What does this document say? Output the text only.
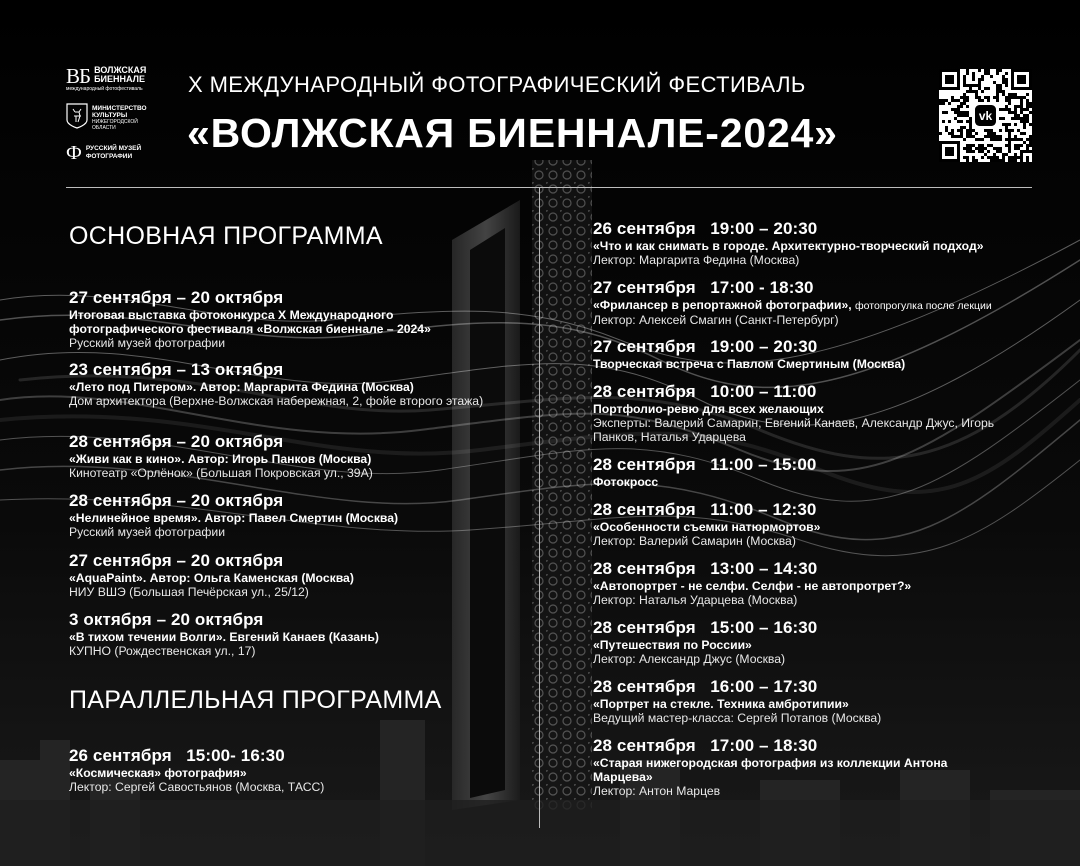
ВБ ВОЛЖСКАЯ
БИЕННАЛЕ
международный фотофестиваль
МИНИСТЕРСТВО
КУЛЬТУРЫ
НИЖЕГОРОДСКОЙ
ОБЛАСТИ
Ф РУССКИЙ МУЗЕЙ
ФОТОГРАФИИ
X МЕЖДУНАРОДНЫЙ ФОТОГРАФИЧЕСКИЙ ФЕСТИВАЛЬ
«ВОЛЖСКАЯ БИЕННАЛЕ-2024»	vk
ОСНОВНАЯ ПРОГРАММА
27 сентября – 20 октября
Итоговая выставка фотоконкурса X Международного фотографического фестиваля «Волжская биеннале – 2024»
Русский музей фотографии
23 сентября – 13 октября
«Лето под Питером». Автор: Маргарита Федина (Москва)
Дом архитектора (Верхне-Волжская набережная, 2, фойе второго этажа)
28 сентября – 20 октября
«Живи как в кино». Автор: Игорь Панков (Москва)
Кинотеатр «Орлёнок» (Большая Покровская ул., 39А)
28 сентября – 20 октября
«Нелинейное время». Автор: Павел Смертин (Москва)
Русский музей фотографии
27 сентября – 20 октября
«AquaPaint». Автор: Ольга Каменская (Москва)
НИУ ВШЭ (Большая Печёрская ул., 25/12)
3 октября – 20 октября
«В тихом течении Волги». Евгений Канаев (Казань)
КУПНО (Рождественская ул., 17)
ПАРАЛЛЕЛЬНАЯ ПРОГРАММА
26 сентября   15:00- 16:30
«Космическая» фотография»
Лектор: Сергей Савостьянов (Москва, ТАСС)
26 сентября   19:00 – 20:30
«Что и как снимать в городе. Архитектурно-творческий подход»
Лектор: Маргарита Федина (Москва)
27 сентября   17:00 - 18:30
«Фрилансер в репортажной фотографии», фотопрогулка после лекции
Лектор: Алексей Смагин (Санкт-Петербург)
27 сентября   19:00 – 20:30
Творческая встреча с Павлом Смертиным (Москва)
28 сентября   10:00 – 11:00
Портфолио-ревю для всех желающих
Эксперты: Валерий Самарин, Евгений Канаев, Александр Джус, Игорь Панков, Наталья Ударцева
28 сентября   11:00 – 15:00
Фотокросс
28 сентября   11:00 – 12:30
«Особенности съемки натюрмортов»
Лектор: Валерий Самарин (Москва)
28 сентября   13:00 – 14:30
«Автопортрет - не селфи. Селфи - не автопротрет?»
Лектор: Наталья Ударцева (Москва)
28 сентября   15:00 – 16:30
«Путешествия по России»
Лектор: Александр Джус (Москва)
28 сентября   16:00 – 17:30
«Портрет на стекле. Техника амбротипии»
Ведущий мастер-класса: Сергей Потапов (Москва)
28 сентября   17:00 – 18:30
«Старая нижегородская фотография из коллекции Антона Марцева»
Лектор: Антон Марцев
